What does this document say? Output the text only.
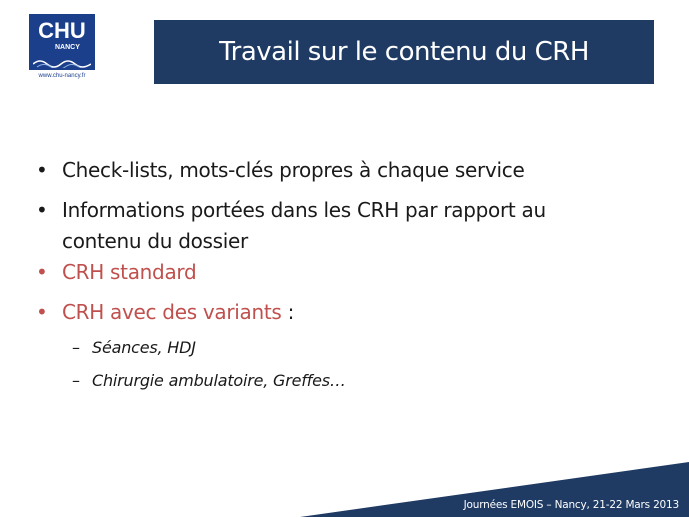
Journées EMOIS – Nancy, 21-22 Mars 2013
CHU
NANCY
www.chu-nancy.fr
Travail sur le contenu du CRH
• Check-lists, mots-clés propres à chaque service
• Informations portées dans les CRH par rapport au
contenu du dossier
• CRH standard
• CRH avec des variants :
– Séances, HDJ
– Chirurgie ambulatoire, Greffes…
